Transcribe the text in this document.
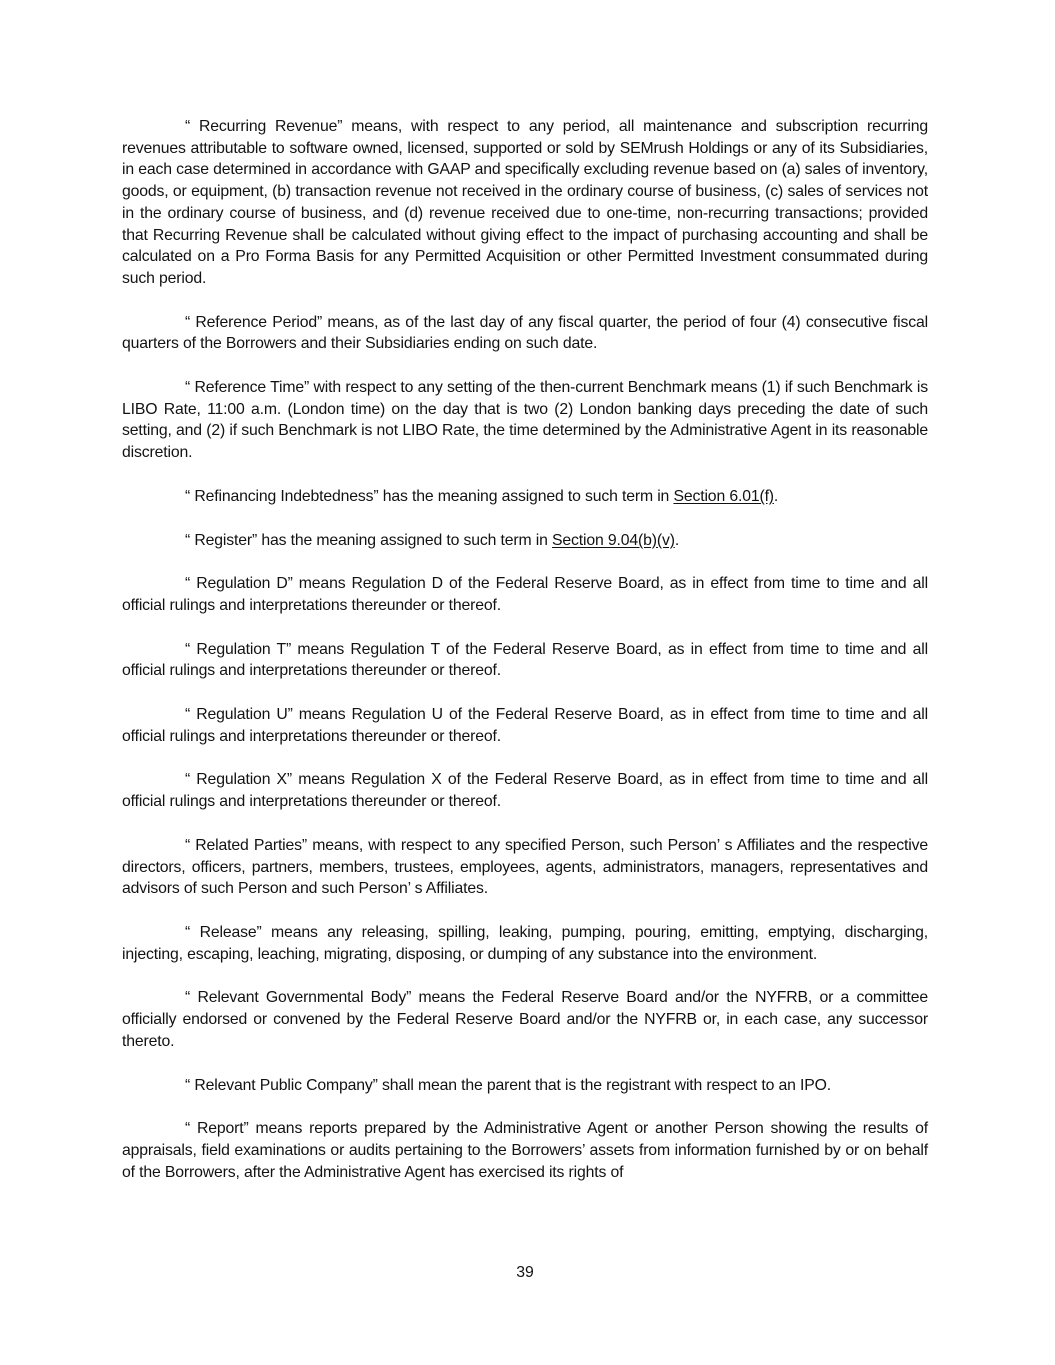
“ Recurring Revenue” means, with respect to any period, all maintenance and subscription recurring revenues attributable to software owned, licensed, supported or sold by SEMrush Holdings or any of its Subsidiaries, in each case determined in accordance with GAAP and specifically excluding revenue based on (a) sales of inventory, goods, or equipment, (b) transaction revenue not received in the ordinary course of business, (c) sales of services not in the ordinary course of business, and (d) revenue received due to one-time, non-recurring transactions; provided that Recurring Revenue shall be calculated without giving effect to the impact of purchasing accounting and shall be calculated on a Pro Forma Basis for any Permitted Acquisition or other Permitted Investment consummated during such period.

“ Reference Period” means, as of the last day of any fiscal quarter, the period of four (4) consecutive fiscal quarters of the Borrowers and their Subsidiaries ending on such date.

“ Reference Time” with respect to any setting of the then-current Benchmark means (1) if such Benchmark is LIBO Rate, 11:00 a.m. (London time) on the day that is two (2) London banking days preceding the date of such setting, and (2) if such Benchmark is not LIBO Rate, the time determined by the Administrative Agent in its reasonable discretion.

“ Refinancing Indebtedness” has the meaning assigned to such term in Section 6.01(f).

“ Register” has the meaning assigned to such term in Section 9.04(b)(v).

“ Regulation D” means Regulation D of the Federal Reserve Board, as in effect from time to time and all official rulings and interpretations thereunder or thereof.

“ Regulation T” means Regulation T of the Federal Reserve Board, as in effect from time to time and all official rulings and interpretations thereunder or thereof.

“ Regulation U” means Regulation U of the Federal Reserve Board, as in effect from time to time and all official rulings and interpretations thereunder or thereof.

“ Regulation X” means Regulation X of the Federal Reserve Board, as in effect from time to time and all official rulings and interpretations thereunder or thereof.

“ Related Parties” means, with respect to any specified Person, such Person’ s Affiliates and the respective directors, officers, partners, members, trustees, employees, agents, administrators, managers, representatives and advisors of such Person and such Person’ s Affiliates.

“ Release” means any releasing, spilling, leaking, pumping, pouring, emitting, emptying, discharging, injecting, escaping, leaching, migrating, disposing, or dumping of any substance into the environment.

“ Relevant Governmental Body” means the Federal Reserve Board and/or the NYFRB, or a committee officially endorsed or convened by the Federal Reserve Board and/or the NYFRB or, in each case, any successor thereto.

“ Relevant Public Company” shall mean the parent that is the registrant with respect to an IPO.

“ Report” means reports prepared by the Administrative Agent or another Person showing the results of appraisals, field examinations or audits pertaining to the Borrowers’ assets from information furnished by or on behalf of the Borrowers, after the Administrative Agent has exercised its rights of

39
